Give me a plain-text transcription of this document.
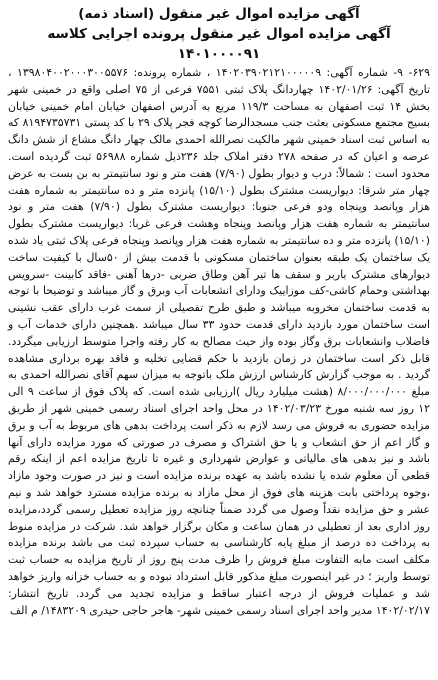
آگهی مزایده اموال غیر منقول (اسناد ذمه)
آگهی مزایده اموال غیر منقول پرونده اجرایی کلاسه ۱۴۰۱۰۰۰۰۹۱

۶۲۹- ۹- شماره آگهی: ۱۴۰۲۰۳۹۰۲۱۲۱۰۰۰۰۰۹ ، شماره پرونده: ۱۳۹۸۰۴۰۰۲۰۰۰۳۰۰۵۵۷۶ ، تاریخ آگهی: ۱۴۰۲/۰۱/۲۶ چهاردانگ پلاک ثبتی ۷۵۵۱ فرعی از ۷۵ اصلی واقع در خمینی شهر بخش ۱۴ ثبت اصفهان به مساحت ۱۱۹/۳ مربع به آدرس اصفهان خیابان امام خمینی خیابان بسیج مجتمع مسکونی بعثت جنب مسجدالرضا کوچه فجر پلاک ۲۹ با کد پستی ۸۱۹۴۷۳۵۷۳۱ که به اساس ثبت اسناد خمینی شهر مالکیت نصرالله احمدی مالک چهار دانگ مشاع از شش دانگ عرصه و اعیان که در صفحه ۲۷۸ دفتر املاک جلد ۲۳۶ذیل شماره ۵۶۹۸۸ ثبت گردیده است. محدود است : شمالاً: درب و دیوار بطول (۷/۹۰) هفت متر و نود سانتیمتر به بن بست به عرض چهار متر شرقا: دیواریست مشترک بطول (۱۵/۱۰) پانزده متر و ده سانتیمتر به شماره هفت هزار وپانصد وپنجاه ودو فرعی جنوبا: دیواریست مشترک بطول (۷/۹۰) هفت متر و نود سانتیمتر به شماره هفت هزار وپانصد وپنجاه وهشت فرعی غربا: دیواریست مشترک بطول (۱۵/۱۰) پانزده متر و ده سانتیمتر به شماره هفت هزار وپانصد وپنجاه فرعی پلاک ثبتی یاد شده یک ساختمان یک طبقه بعنوان ساختمان مسکونی با قدمت بیش از ۵۰سال با کیفیت ساخت دیوارهای مشترک باربر و سقف ها تیر آهن وطاق ضربی -درها آهنی -فاقد کابینت -سرویس بهداشتی وحمام کاشی-کف موزاییک ودارای انشعابات آب وبرق و گاز میباشد و توضیحا با توجه به قدمت ساختمان مخروبه میباشد و طبق طرح تفصیلی از سمت غرب دارای عقب نشینی است ساختمان مورد بازدید دارای قدمت حدود ۳۳ سال میباشد .همچنین دارای خدمات آب و فاضلاب وانشعابات برق وگاز بوده واز حیث مصالح به کار رفته واجرا متوسط ارزیابی میگردد. قابل ذکر است ساختمان در زمان بازدید با حکم قضایی تخلیه و فاقد بهره برداری مشاهده گردید . به موجب گزارش کارشناس ارزش ملک باتوجه به میزان سهم آقای نصرالله احمدی به مبلغ ۸/۰۰۰/۰۰۰/۰۰۰ (هشت میلیارد ریال )ارزیابی شده است. که پلاک فوق از ساعت ۹ الی ۱۲ روز سه شنبه مورخ ۱۴۰۲/۰۳/۲۳ در محل واحد اجرای اسناد رسمی خمینی شهر از طریق مزایده حضوری به فروش می رسد لازم به ذکر است پرداخت بدهی های مربوط به آب و برق و گاز اعم از حق انشعاب و یا حق اشتراک و مصرف در صورتی که مورد مزایده دارای آنها باشد و نیز بدهی های مالیاتی و عوارض شهرداری و غیره تا تاریخ مزایده اعم از اینکه رقم قطعی آن معلوم شده یا نشده باشد به عهده برنده مزایده است و نیز در صورت وجود مازاد ،وجوه پرداختی بابت هزینه های فوق از محل مازاد به برنده مزایده مسترد خواهد شد و نیم عشر و حق مزایده نقداً وصول می گردد ضمناً چنانچه روز مزایده تعطیل رسمی گردد،مزایده روز اداری بعد از تعطیلی در همان ساعت و مکان برگزار خواهد شد. شرکت در مزایده منوط به پرداخت ده درصد از مبلغ پایه کارشناسی به حساب سپرده ثبت می باشد برنده مزایده مکلف است مابه التفاوت مبلغ فروش را ظرف مدت پنج روز از تاریخ مزایده به حساب ثبت توسط واریز ؛ در غیر اینصورت مبلغ مذکور قابل استرداد نبوده و به حساب خزانه واریز خواهد شد و عملیات فروش از درجه اعتبار ساقط و مزایده تجدید می گردد. تاریخ انتشار: ۱۴۰۲/۰۲/۱۷ مدیر واحد اجرای اسناد رسمی خمینی شهر- هاجر حاجی حیدری ۱۴۸۳۲۰۹/ م الف
